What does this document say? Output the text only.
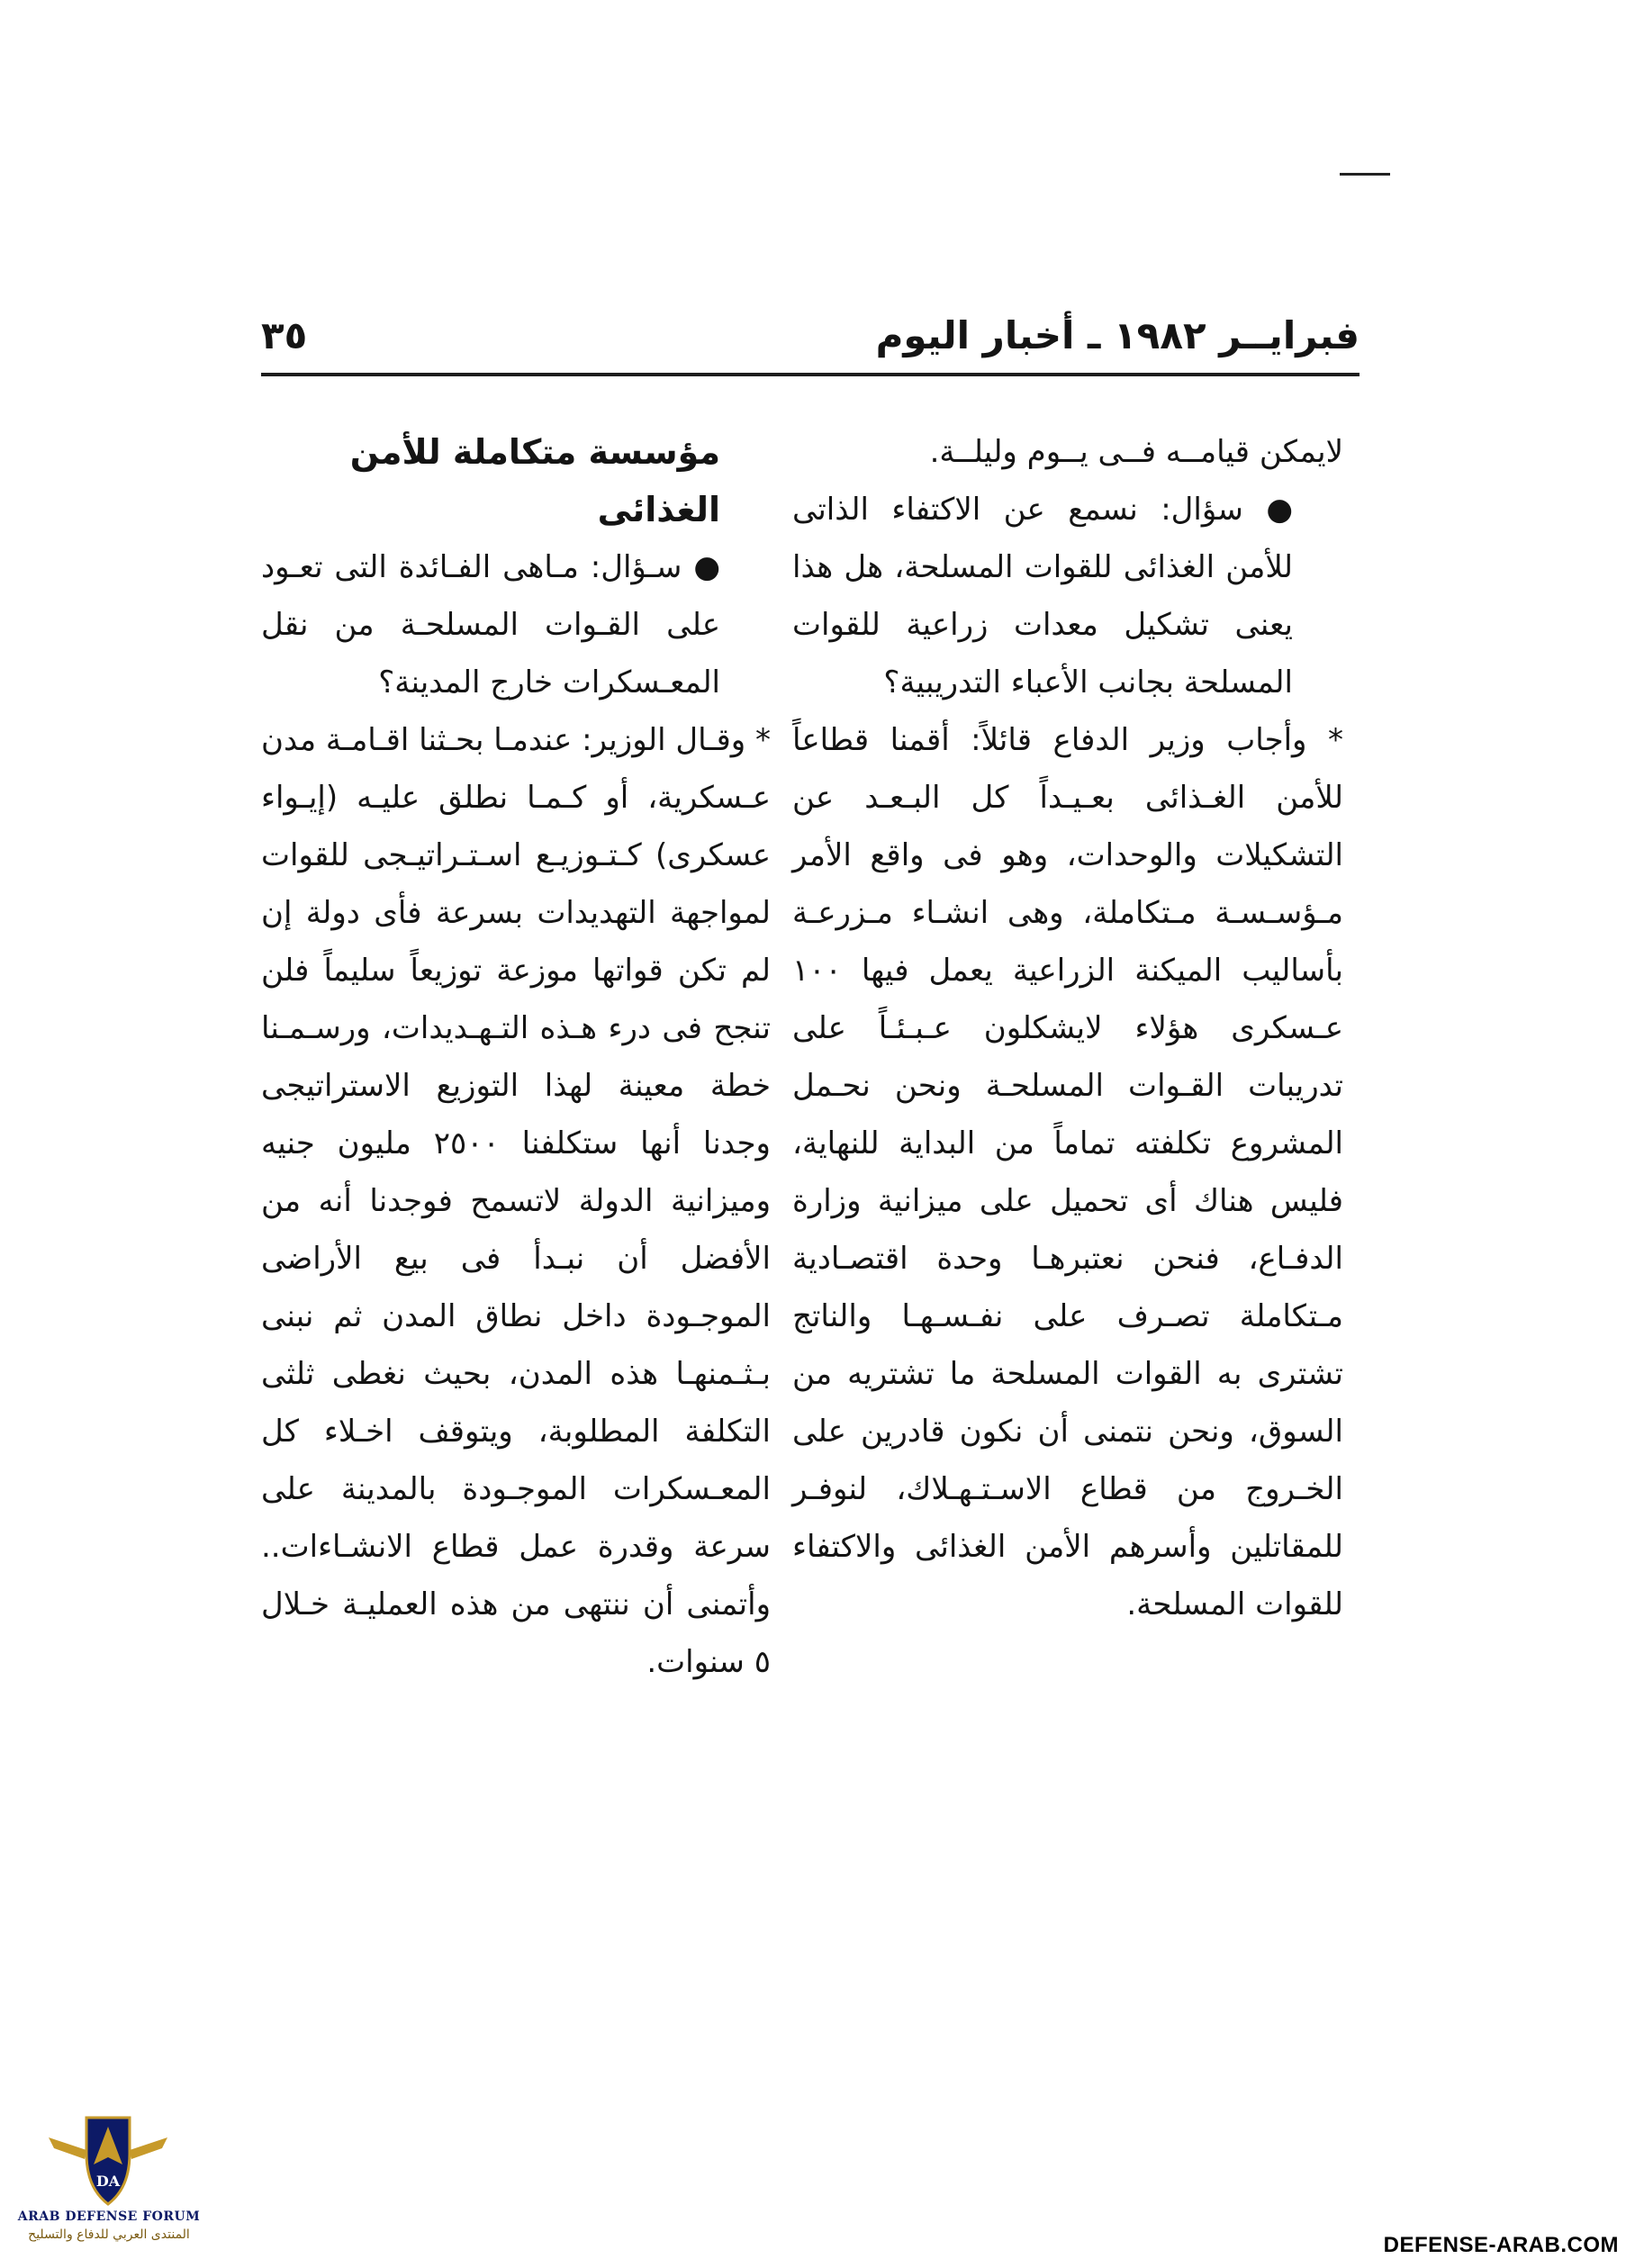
٣٥	فبرايــر ١٩٨٢ ـ أخبار اليوم

لايمكن قيامــه فــى يــوم وليلــة.

● سؤال: نسمع عن الاكتفاء الذاتى للأمن الغذائى للقوات المسلحة، هل هذا يعنى تشكيل معدات زراعية للقوات المسلحة بجانب الأعباء التدريبية؟

* وأجاب وزير الدفاع قائلاً: أقمنا قطاعاً للأمن الغـذائى بعـيـداً كل البـعـد عن التشكيلات والوحدات، وهو فى واقع الأمر مـؤسـسـة مـتكاملة، وهى انشـاء مـزرعـة بأساليب الميكنة الزراعية يعمل فيها ١٠٠ عـسكرى هؤلاء لايشكلون عـبـئـاً على تدريبات القـوات المسلحـة ونحن نحـمل المشروع تكلفته تماماً من البداية للنهاية، فليس هناك أى تحميل على ميزانية وزارة الدفـاع، فنحن نعتبرهـا وحدة اقتصـادية مـتكاملة تصـرف على نفـسـهـا والناتج تشترى به القوات المسلحة ما تشتريه من السوق، ونحن نتمنى أن نكون قادرين على الخـروج من قطاع الاسـتـهـلاك، لنوفـر للمقاتلين وأسرهم الأمن الغذائى والاكتفاء للقوات المسلحة.

مؤسسة متكاملة للأمن الغذائى

● سـؤال: مـاهى الفـائدة التى تعـود على القـوات المسلحـة من نقل المعـسكرات خارج المدينة؟

* وقـال الوزير: عندمـا بحـثنا اقـامـة مدن عـسكرية، أو كـمـا نطلق عليـه (إيـواء عسكرى) كـتـوزيـع اسـتـراتيـجى للقوات لمواجهة التهديدات بسرعة فأى دولة إن لم تكن قواتها موزعة توزيعاً سليماً فلن تنجح فى درء هـذه التـهـديدات، ورسـمـنا خطة معينة لهذا التوزيع الاستراتيجى وجدنا أنها ستكلفنا ٢٥٠٠ مليون جنيه وميزانية الدولة لاتسمح فوجدنا أنه من الأفضل أن نبـدأ فى بيع الأراضى الموجـودة داخل نطاق المدن ثم نبنى بـثـمنهـا هذه المدن، بحيث نغطى ثلثى التكلفة المطلوبة، ويتوقف اخـلاء كل المعـسكرات الموجـودة بالمدينة على سرعة وقدرة عمل قطاع الانشـاءات.. وأتمنى أن ننتهى من هذه العمليـة خـلال ٥ سنوات.

DA
ARAB DEFENSE FORUM
المنتدى العربي للدفاع والتسليح	DEFENSE-ARAB.COM
